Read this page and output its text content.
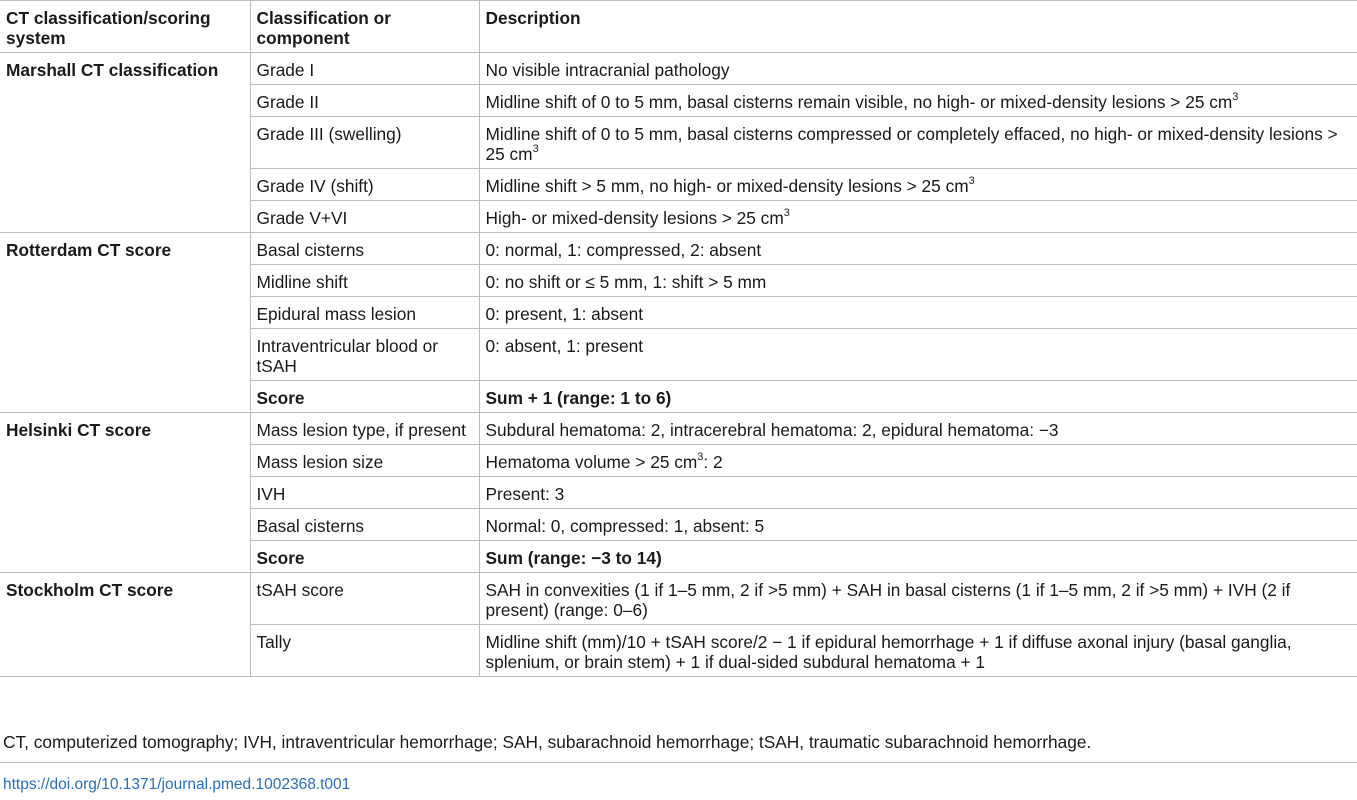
CT classification/scoring system	Classification or component	Description
Marshall CT classification	Grade I	No visible intracranial pathology
	Grade II	Midline shift of 0 to 5 mm, basal cisterns remain visible, no high- or mixed-density lesions > 25 $cm^3$
	Grade III (swelling)	Midline shift of 0 to 5 mm, basal cisterns compressed or completely effaced, no high- or mixed-density lesions > 25 $cm^3$
	Grade IV (shift)	Midline shift > 5 mm, no high- or mixed-density lesions > 25 $cm^3$
	Grade V+VI	High- or mixed-density lesions > 25 $cm^3$
Rotterdam CT score	Basal cisterns	0: normal, 1: compressed, 2: absent
	Midline shift	0: no shift or ≤ 5 mm, 1: shift > 5 mm
	Epidural mass lesion	0: present, 1: absent
	Intraventricular blood or tSAH	0: absent, 1: present
	Score	Sum + 1 (range: 1 to 6)
Helsinki CT score	Mass lesion type, if present	Subdural hematoma: 2, intracerebral hematoma: 2, epidural hematoma: −3
	Mass lesion size	Hematoma volume > 25 $cm^3$: 2
	IVH	Present: 3
	Basal cisterns	Normal: 0, compressed: 1, absent: 5
	Score	Sum (range: −3 to 14)
Stockholm CT score	tSAH score	SAH in convexities (1 if 1–5 mm, 2 if >5 mm) + SAH in basal cisterns (1 if 1–5 mm, 2 if >5 mm) + IVH (2 if present) (range: 0–6)
	Tally	Midline shift (mm)/10 + tSAH score/2 − 1 if epidural hemorrhage + 1 if diffuse axonal injury (basal ganglia, splenium, or brain stem) + 1 if dual-sided subdural hematoma + 1
CT, computerized tomography; IVH, intraventricular hemorrhage; SAH, subarachnoid hemorrhage; tSAH, traumatic subarachnoid hemorrhage.
https://doi.org/10.1371/journal.pmed.1002368.t001
